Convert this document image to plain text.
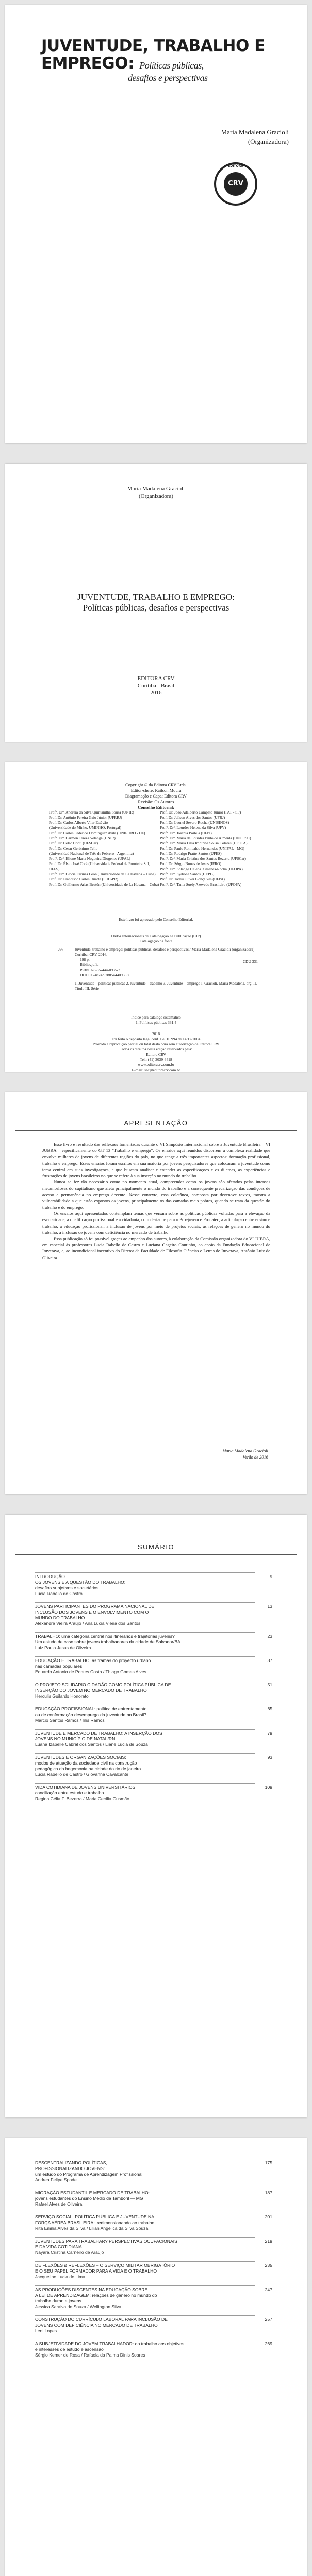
JUVENTUDE, TRABALHO E
EMPREGO: Políticas públicas,
desafios e perspectivas
Maria Madalena Gracioli
(Organizadora)
EDITORA
CRV
Maria Madalena Gracioli
(Organizadora)
JUVENTUDE, TRABALHO E EMPREGO:
Políticas públicas, desafios e perspectivas
EDITORA CRV
Curitiba - Brasil
2016
Copyright © da Editora CRV Ltda.
Editor-chefe: Railson Moura
Diagramação e Capa: Editora CRV
Revisão: Os Autores
Conselho Editorial:
Profª. Drª. Andréia da Silva Quintanilha Sousa (UNIR)
Prof. Dr. Antônio Pereira Gaio Júnior (UFRRJ)
Prof. Dr. Carlos Alberto Vilar Estêvão
(Universidade do Minho, UMINHO, Portugal)
Prof. Dr. Carlos Federico Dominguez Avila (UNIEURO - DF)
Profª. Drª. Carmen Tereza Velanga (UNIR)
Prof. Dr. Celso Conti (UFSCar)
Prof. Dr. Cesar Gerónimo Tello
(Universidad Nacional de Três de Febrero - Argentina)
Profª. Drª. Elione Maria Nogueira Diogenes (UFAL)
Prof. Dr. Élsio José Corá (Universidade Federal da Fronteira Sul, UFFS)
Profª. Drª. Gloria Fariñas León (Universidade de La Havana – Cuba)
Prof. Dr. Francisco Carlos Duarte (PUC-PR)
Prof. Dr. Guillermo Arias Beatón (Universidade de La Havana – Cuba)
Prof. Dr. João Adalberto Campato Junior (FAP - SP)
Prof. Dr. Jailson Alves dos Santos (UFRJ)
Prof. Dr. Leonel Severo Rocha (UNISINOS)
Profª. Drª. Lourdes Helena da Silva (UFV)
Profª. Drª. Josania Portela (UFPI)
Profª. Drª. Maria de Lourdes Pinto de Almeida (UNOESC)
Profª. Drª. Maria Lília Imbiriba Sousa Colares (UFOPA)
Prof. Dr. Paulo Romualdo Hernandes (UNIFAL - MG)
Prof. Dr. Rodrigo Pratte-Santos (UFES)
Profª. Drª. Maria Cristina dos Santos Bezerra (UFSCar)
Prof. Dr. Sérgio Nunes de Jesus (IFRO)
Profª. Drª. Solange Helena Ximenes-Rocha (UFOPA)
Profª. Drª. Sydione Santos (UEPG)
Prof. Dr. Tadeu Oliver Gonçalves (UFPA)
Profª. Drª. Tania Suely Azevedo Brasileiro (UFOPA)
Este livro foi aprovado pelo Conselho Editorial.
Dados Internacionais de Catalogação na Publicação (CIP)
Catalogação na fonte
J97	Juventude, trabalho e emprego: políticas públicas, desafios e perspectivas / Maria Madalena Gracioli (organizadora) – Curitiba: CRV, 2016.
198 p.
Bibliografia
ISBN 978-85-444-0935-7
DOI 10.24824/978854440935.7
1. Juventude – políticas públicas 2. Juventude – trabalho 3. Juventude – emprego I. Gracioli, Maria Madalena. org. II. Título III. Série
CDU 331
Índice para catálogo sistemático
1. Políticas públicas 331.4
2016
Foi feito o depósito legal conf. Lei 10.994 de 14/12/2004
Proibida a reprodução parcial ou total desta obra sem autorização da Editora CRV
Todos os direitos desta edição reservados pela:
Editora CRV
Tel.: (41) 3039-6418
www.editoracrv.com.br
E-mail: sac@editoracrv.com.br
APRESENTAÇÃO

Esse livro é resultado das reflexões fomentadas durante o VI Simpósio Internacional sobre a Juventude Brasileira – VI JUBRA – especificamente do GT 13 "Trabalho e emprego". Os ensaios aqui reunidos discorrem a complexa realidade que envolve milhares de jovens de diferentes regiões do país, no que tange a três importantes aspectos: formação profissional, trabalho e emprego. Esses ensaios foram escritos em sua maioria por jovens pesquisadores que colocaram a juventude como tema central em suas investigações, e que buscam analisar e entender as especificações e os dilemas, as experiências e frustrações de jovens brasileiros no que se refere à sua inserção no mundo do trabalho.

Nunca se fez tão necessário como no momento atual, compreender como os jovens são afetados pelas intensas metamorfoses do capitalismo que afeta principalmente o mundo do trabalho e a consequente precarização das condições de acesso e permanência no emprego decente. Nesse contexto, essa coletânea, composta por dezenove textos, mostra a vulnerabilidade a que estão expostos os jovens, principalmente os das camadas mais pobres, quando se trata da questão do trabalho e do emprego.

Os ensaios aqui apresentados contemplam temas que versam sobre as políticas públicas voltadas para a elevação da escolaridade, a qualificação profissional e a cidadania, com destaque para o Proejovem e Pronatec, a articulação entre ensino e trabalho, a educação profissional, a inclusão de jovens por meio de projetos sociais, as relações de gênero no mundo do trabalho, a inclusão de jovens com deficiência no mercado de trabalho.

Essa publicação só foi possível graças ao empenho dos autores, à colaboração da Comissão organizadora do VI JUBRA, em especial às professoras Lucia Rabello de Castro e Luciana Gageiro Coutinho, ao apoio da Fundação Educacional de Ituverava, e, ao incondicional incentivo do Diretor da Faculdade de Filosofia Ciências e Letras de Ituverava, Antônio Luiz de Oliveira.

Maria Madalena Gracioli
Verão de 2016
SUMÁRIO
INTRODUÇÃO
OS JOVENS E A QUESTÃO DO TRABALHO:
desafios subjetivos e societários
Lucia Rabello de Castro
9
JOVENS PARTICIPANTES DO PROGRAMA NACIONAL DE
INCLUSÃO DOS JOVENS E O ENVOLVIMENTO COM O
MUNDO DO TRABALHO
Alexandre Vieira Araújo / Ana Lúcia Vieira dos Santos
13
TRABALHO: uma categoria central nos itinerários e trajetórias juvenis?
Um estudo de caso sobre jovens trabalhadores da cidade de Salvador/BA
Luiz Paulo Jesus de Oliveira
23
EDUCAÇÃO E TRABALHO: as tramas do proyecto urbano
nas camadas populares
Eduardo Antonio de Pontes Costa / Thiago Gomes Alves
37
O PROJETO SOLIDARIO CIDADÃO COMO POLÍTICA PÚBLICA DE
INSERÇÃO DO JOVEM NO MERCADO DE TRABALHO
Herculis Guilardo Honorato
51
EDUCAÇÃO PROFISSIONAL: política de enfrentamento
ou de conformação desemprego da juventude no Brasil?
Marcio Santos Ramos / Irlis Ramos
65
JUVENTUDE E MERCADO DE TRABALHO: A INSERÇÃO DOS
JOVENS NO MUNICÍPIO DE NATAL/RN
Luana Izabelle Cabral dos Santos / Liane Lúcia de Souza
79
JUVENTUDES E ORGANIZAÇÕES SOCIAIS:
modos de atuação da sociedade civil na construção
pedagógica da hegemonia na cidade do rio de janeiro
Lucia Rabello de Castro / Giovanna Cavalcante
93
VIDA COTIDIANA DE JOVENS UNIVERSITÁRIOS:
conciliação entre estudo e trabalho
Regina Célia F. Bezerra / Maria Cecília Gusmão
109
DESCENTRALIZANDO POLÍTICAS,
PROFISSIONALIZANDO JOVENS:
um estudo do Programa de Aprendizagem Profissional
Andrea Felipe Spode
175
MIGRAÇÃO ESTUDANTIL E MERCADO DE TRABALHO:
jovens estudantes do Ensino Médio de Tamboril — MG
Rafael Alves de Oliveira
187
SERVIÇO SOCIAL, POLÍTICA PÚBLICA E JUVENTUDE NA
FORÇA AÉREA BRASILEIRA : redimensionando ao trabalho
Rita Emília Alves da Silva / Lilian Angélica da Silva Souza
201
JUVENTUDES PARA TRABALHAR? PERSPECTIVAS OCUPACIONAIS
E DA VIDA COTIDIANA
Nayara Cristina Carneiro de Araújo
219
DE FLEXÕES & REFLEXÕES – O SERVIÇO MILITAR OBRIGATÓRIO
E O SEU PAPEL FORMADOR PARA A VIDA E O TRABALHO
Jacqueline Lucia de Lima
235
AS PRODUÇÕES DISCENTES NA EDUCAÇÃO SOBRE
A LEI DE APRENDIZAGEM: relações de gênero no mundo do
trabalho durante jovens
Jessica Saraiva de Souza / Wellington Silva
247
CONSTRUÇÃO DO CURRÍCULO LABORAL PARA INCLUSÃO DE
JOVENS COM DEFICIÊNCIA NO MERCADO DE TRABALHO
Leni Lopes
257
A SUBJETIVIDADE DO JOVEM TRABALHADOR: do trabalho aos objetivos
e interesses de estudo e ascensão
Sérgio Kemer de Rosa / Rafaela da Palma Dinis Soares
269
